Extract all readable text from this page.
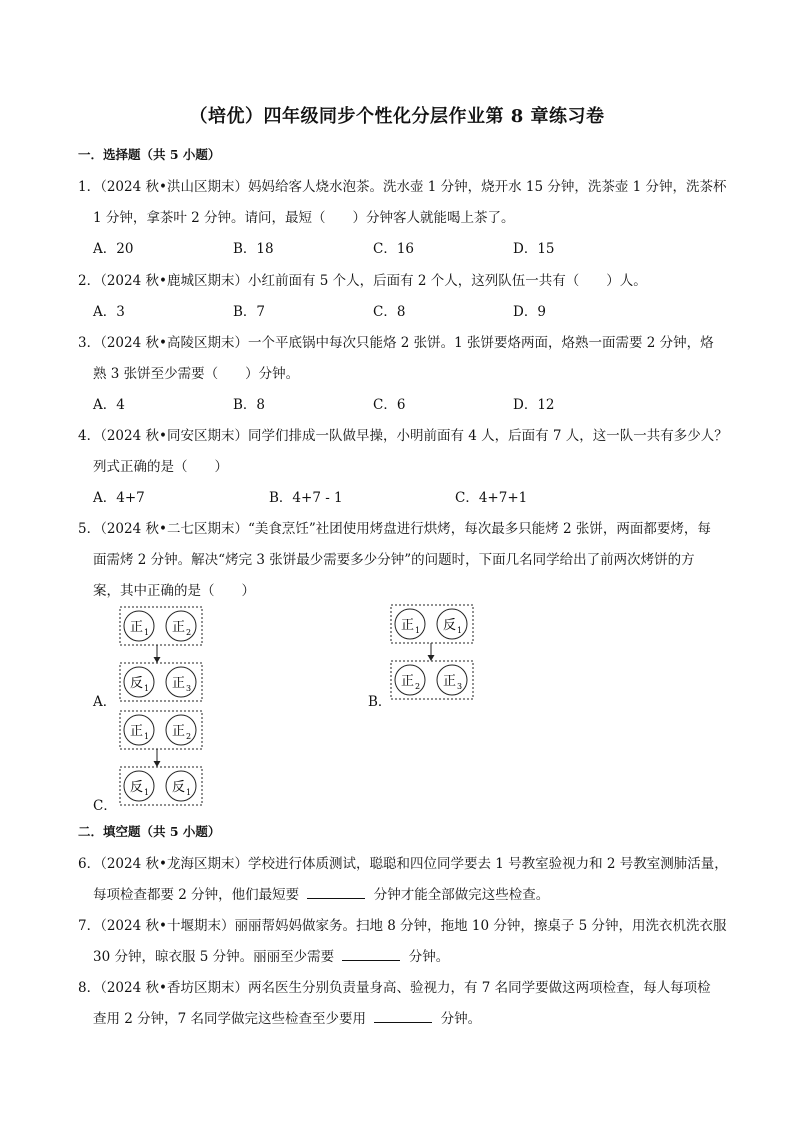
（培优）四年级同步个性化分层作业第 8 章练习卷
一．选择题（共 5 小题）
1．（2024 秋•洪山区期末）妈妈给客人烧水泡茶。洗水壶 1 分钟，烧开水 15 分钟，洗茶壶 1 分钟，洗茶杯
1 分钟，拿茶叶 2 分钟。请问，最短（　　）分钟客人就能喝上茶了。
A．20	B．18	C．16	D．15
2．（2024 秋•鹿城区期末）小红前面有 5 个人，后面有 2 个人，这列队伍一共有（　　）人。
A．3	B．7	C．8	D．9
3．（2024 秋•高陵区期末）一个平底锅中每次只能烙 2 张饼。1 张饼要烙两面，烙熟一面需要 2 分钟，烙
熟 3 张饼至少需要（　　）分钟。
A．4	B．8	C．6	D．12
4．（2024 秋•同安区期末）同学们排成一队做早操，小明前面有 4 人，后面有 7 人，这一队一共有多少人？
列式正确的是（　　）
A．4+7	B．4+7 - 1	C．4+7+1
5．（2024 秋•二七区期末）“美食烹饪”社团使用烤盘进行烘烤，每次最多只能烤 2 张饼，两面都要烤，每
面需烤 2 分钟。解决“烤完 3 张饼最少需要多少分钟”的问题时，下面几名同学给出了前两次烤饼的方
案，其中正确的是（　　）
正 1 正 2
反 1 正 3
A．
正 1 反 1
正 2 正 3
B．
正 1 正 2
反 1 反 1
C．
二．填空题（共 5 小题）
6．（2024 秋•龙海区期末）学校进行体质测试，聪聪和四位同学要去 1 号教室验视力和 2 号教室测肺活量，
每项检查都要 2 分钟，他们最短要	分钟才能全部做完这些检查。
7．（2024 秋•十堰期末）丽丽帮妈妈做家务。扫地 8 分钟，拖地 10 分钟，擦桌子 5 分钟，用洗衣机洗衣服
30 分钟，晾衣服 5 分钟。丽丽至少需要	分钟。
8．（2024 秋•香坊区期末）两名医生分别负责量身高、验视力，有 7 名同学要做这两项检查，每人每项检
查用 2 分钟，7 名同学做完这些检查至少要用	分钟。
